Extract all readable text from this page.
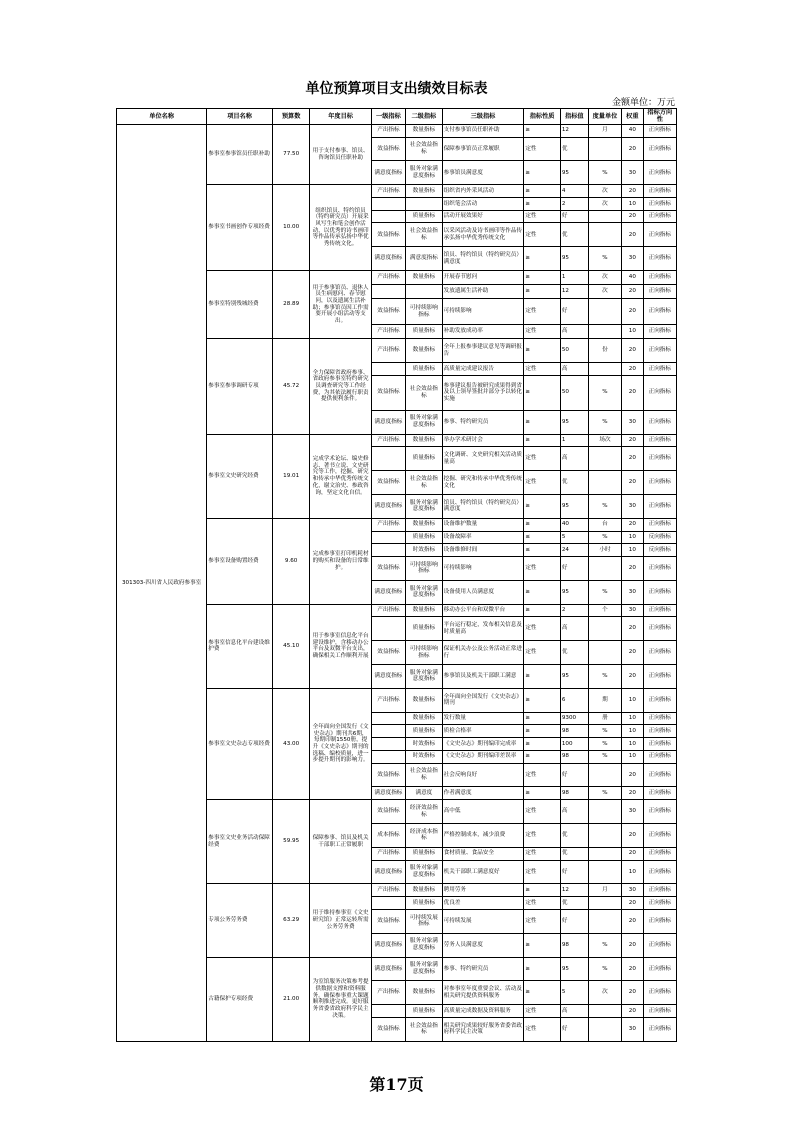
单位预算项目支出绩效目标表
金额单位：万元
单位名称	项目名称	预算数	年度目标	一级指标	二级指标	三级指标	指标性质	指标值	度量单位	权重	指标方向性
301303-四川省人民政府参事室	参事室参事馆员任职补助	77.50	用于支付参事、馆员、咨询馆员任职补助	产出指标	数量指标	支付参事馆员任职补助	≥	12	月	40	正向指标
				效益指标	社会效益指标	保障参事馆员正常履职	定性	优		20	正向指标
				满意度指标	服务对象满意度指标	参事馆员满意度	≥	95	%	30	正向指标
	参事室书画创作专项经费	10.00	组织馆员、特约馆员（特约研究员）开展采风写生和笔会创作活动，以优秀的诗书画印等作品传承弘扬中华优秀传统文化。	产出指标	数量指标	组织省内外采风活动	≥	4	次	20	正向指标
						组织笔会活动	≥	2	次	10	正向指标
					质量指标	活动开展效果好	定性	好		20	正向指标
				效益指标	社会效益指标	以采风活动及诗书画印等作品传承弘扬中华优秀传统文化	定性	优		20	正向指标
				满意度指标	满意度指标	馆员、特约馆员（特约研究员）满意度	≥	95	%	30	正向指标
	参事室特别残城经费	28.89	用于参事馆员、退休人员生病慰问、春节慰问，以及遗属生活补助；参事馆员因工作需要开展小组活动等支出。	产出指标	数量指标	开展春节慰问	≥	1	次	40	正向指标
						发放遗属生活补助	≥	12	次	20	正向指标
				效益指标	可持续影响指标	可持续影响	定性	好		20	正向指标
				产出指标	质量指标	补助发放成功率	定性	高		10	正向指标
	参事室参事调研专项	45.72	全力保障省政府参事、省政府参事室特约研究员调查研究等工作经费，为其依法履行职责提供便利条件。	产出指标	数量指标	全年上报参事建议意见等调研报告	≥	50	份	20	正向指标
					质量指标	高质量完成建议报告	定性	高		20	正向指标
				效益指标	社会效益指标	参事建议报告被研究成果得到省及以上领导签批并部分予以转化实施	≥	50	%	20	正向指标
				满意度指标	服务对象满意度指标	参事、特约研究员	≥	95	%	30	正向指标
	参事室文史研究经费	19.01	完成学术论坛、编史修志、著书立说、文史研究等工作，挖掘、研究和传承中华优秀传统文化，谢文治史、参政咨询，坚定文化自信。	产出指标	数量指标	举办学术研讨会	≥	1	场次	20	正向指标
					质量指标	文化调研、文史研究相关活动质量高	定性	高		20	正向指标
				效益指标	社会效益指标	挖掘、研究和传承中华优秀传统文化	定性	优		20	正向指标
				满意度指标	服务对象满意度指标	馆员、特约馆员（特约研究员）满意度	≥	95	%	30	正向指标
	参事室设备购置经费	9.60	完成参事室打印机耗材的购买和设备的日常维护。	产出指标	数量指标	设备维护数量	≥	40	台	20	正向指标
					质量指标	设备故障率	≤	5	%	10	反向指标
					时效指标	设备维修时间	≤	24	小时	10	反向指标
				效益指标	可持续影响指标	可持续影响	定性	好		20	正向指标
				满意度指标	服务对象满意度指标	设备使用人员满意度	≥	95	%	30	正向指标
	参事室信息化平台建设维护费	45.10	用于参事室信息化平台建设维护，含移动办公平台及双微平台支出，确保相关工作顺利开展	产出指标	数量指标	移动办公平台和双微平台	≥	2	个	30	正向指标
					质量指标	平台运行稳定，发布相关信息及时质量高	定性	高		20	正向指标
				效益指标	可持续影响指标	保证机关办公及公务活动正常进行	定性	优		20	正向指标
				满意度指标	服务对象满意度指标	参事馆员及机关干部职工满意	≥	95	%	20	正向指标
	参事室文史杂志专项经费	43.00	全年面向全国发行《文史杂志》期刊共6期，每期印制1550册，提升《文史杂志》期刊的选稿、编校质量，进一步提升期刊的影响力。	产出指标	数量指标	全年面向全国发行《文史杂志》期刊	≥	6	期	10	正向指标
					数量指标	发行数量	≥	9300	册	10	正向指标
					质量指标	质检合格率	≥	98	%	10	正向指标
					时效指标	《文史杂志》期刊编印完成率	≥	100	%	10	正向指标
					时效指标	《文史杂志》期刊编印差误率	≥	98	%	10	正向指标
				效益指标	社会效益指标	社会反响良好	定性	好		20	正向指标
				满意度指标	满意度	作者满意度	≥	98	%	20	正向指标
	参事室文史业务活动保障经费	59.95	保障参事、馆员及机关干部职工正常履职	效益指标	经济效益指标	高中低	定性	高		30	正向指标
				成本指标	经济成本指标	严格控制成本，减少浪费	定性	优		20	正向指标
				产出指标	质量指标	食材质量、食品安全	定性	优		20	正向指标
				满意度指标	服务对象满意度指标	机关干部职工满意度好	定性	好		10	正向指标
	专项公务劳务费	63.29	用于维持参事室《文史研究馆》正常运转所需公务劳务费	产出指标	数量指标	聘用劳务	≥	12	月	30	正向指标
					质量指标	优良差	定性	优		20	正向指标
				效益指标	可持续发展指标	可持续发展	定性	好		20	正向指标
				满意度指标	服务对象满意度指标	劳务人员满意度	≥	98	%	20	正向指标
	古籍保护专项经费	21.00	为室馆服务决策参考提供数据支撑和资料服务。确保参事重大课题顺利推进完成。更好服务省委省政府科学民主决策。	满意度指标	服务对象满意度指标	参事、特约研究员	≥	95	%	20	正向指标
				产出指标	数量指标	对参事室年度重要会议、活动及相关研究提供资料服务	≥	5	次	20	正向指标
					质量指标	高质量完成数据及资料服务	定性	高		20	正向指标
				效益指标	社会效益指标	相关研究成果较好服务省委省政府科学民主决策	定性	好		30	正向指标
第17页
